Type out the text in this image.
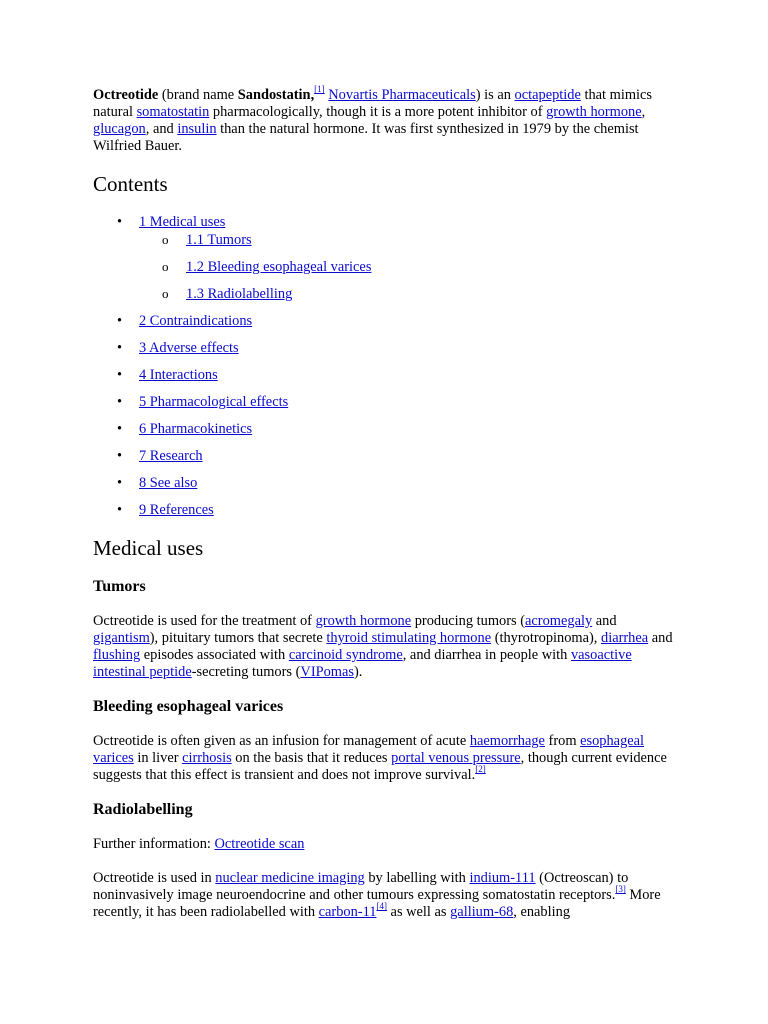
Octreotide (brand name Sandostatin,[1] Novartis Pharmaceuticals) is an octapeptide that mimics natural somatostatin pharmacologically, though it is a more potent inhibitor of growth hormone, glucagon, and insulin than the natural hormone. It was first synthesized in 1979 by the chemist Wilfried Bauer.

Contents
• 1 Medical uses
o 1.1 Tumors
o 1.2 Bleeding esophageal varices
o 1.3 Radiolabelling
• 2 Contraindications
• 3 Adverse effects
• 4 Interactions
• 5 Pharmacological effects
• 6 Pharmacokinetics
• 7 Research
• 8 See also
• 9 References
Medical uses
Tumors

Octreotide is used for the treatment of growth hormone producing tumors (acromegaly and gigantism), pituitary tumors that secrete thyroid stimulating hormone (thyrotropinoma), diarrhea and flushing episodes associated with carcinoid syndrome, and diarrhea in people with vasoactive intestinal peptide-secreting tumors (VIPomas).

Bleeding esophageal varices

Octreotide is often given as an infusion for management of acute haemorrhage from esophageal varices in liver cirrhosis on the basis that it reduces portal venous pressure, though current evidence suggests that this effect is transient and does not improve survival.[2]

Radiolabelling

Further information: Octreotide scan

Octreotide is used in nuclear medicine imaging by labelling with indium-111 (Octreoscan) to noninvasively image neuroendocrine and other tumours expressing somatostatin receptors.[3] More recently, it has been radiolabelled with carbon-11[4] as well as gallium-68, enabling
